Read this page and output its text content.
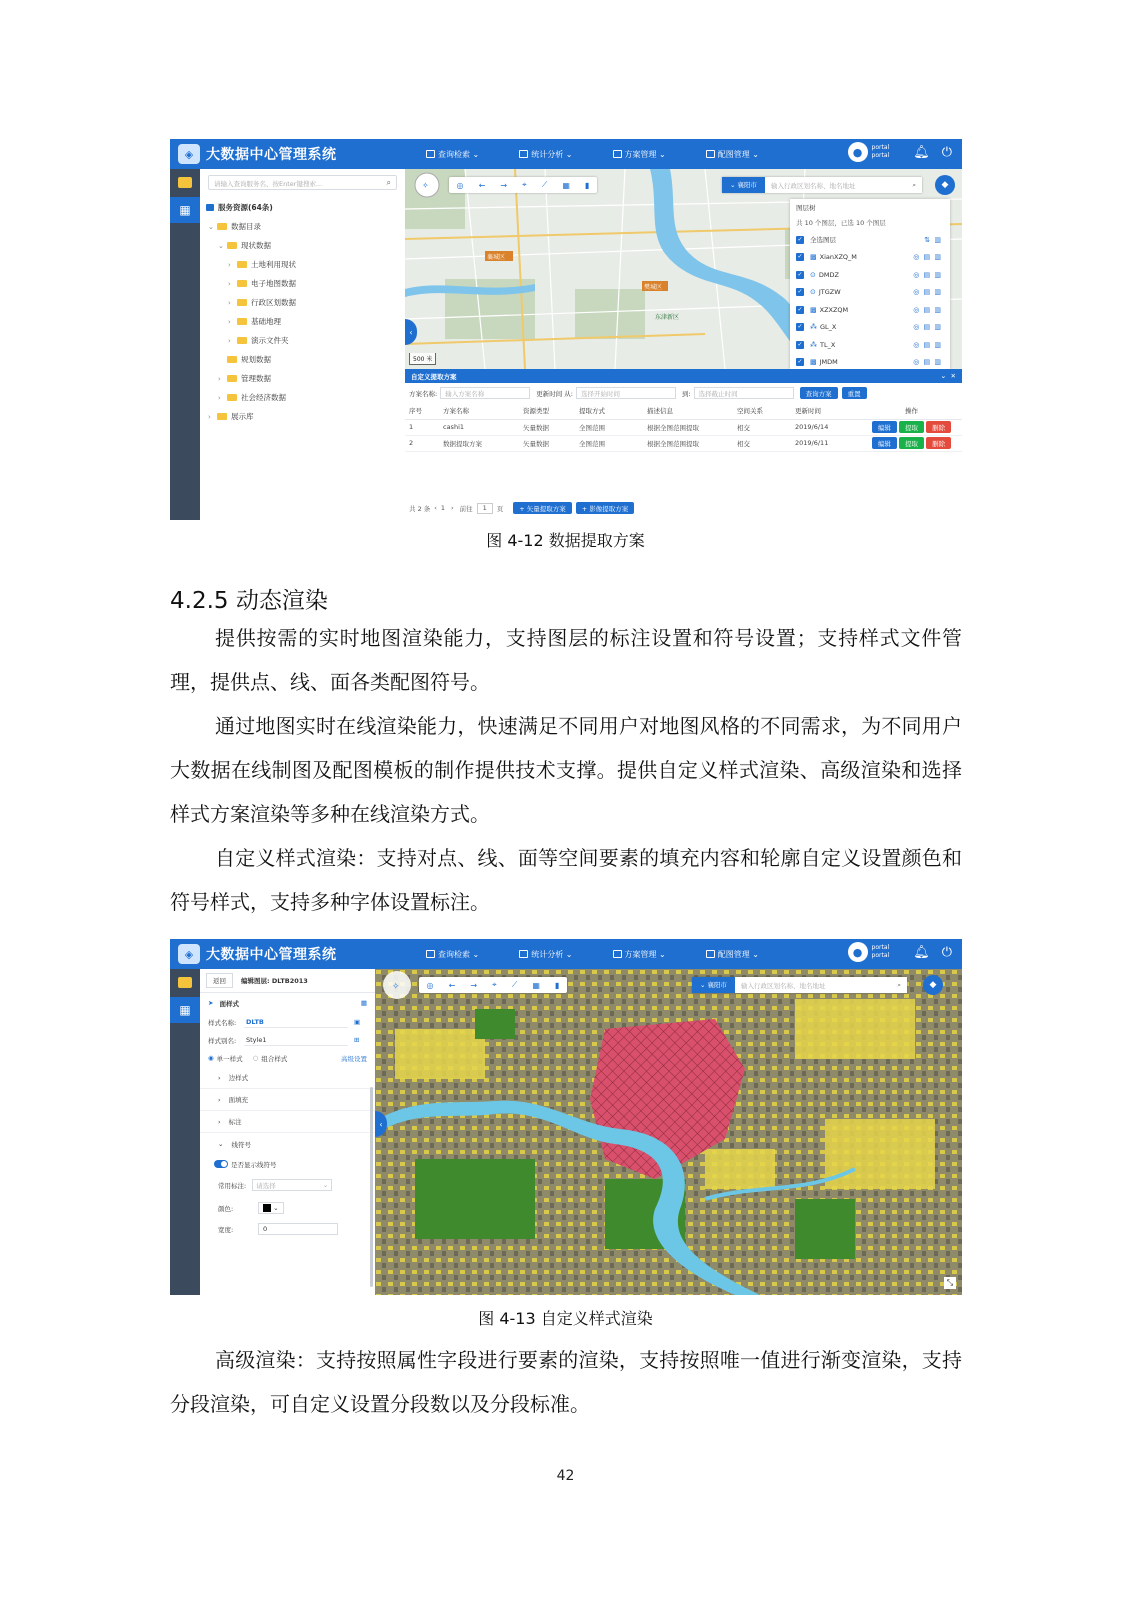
◈ 大数据中心管理系统	查询检索 ⌄	统计分析 ⌄	方案管理 ⌄	配图管理 ⌄	●	portal
portal 🔔︎ ⏻
▦
请输入查询服务名、按Enter键搜索...	⌕
服务资源(64条)
⌄ 数据目录
⌄ 现状数据
›	土地利用现状
›	电子地图数据
›	行政区划数据
›	基础地理
›	演示文件夹
规划数据
›	管理数据
›	社会经济数据
›	展示库
襄城区
樊城区
东津新区
✧	◎ ← → ⌖ ⟋ ▦ ▮	⌄ 襄阳市	输入行政区划名称、地名地址	⌕	◆
‹
500 米
图层树
共 10 个图层，已选 10 个图层
✓ 全选图层	⇅ ▥
✓ ▩ XianXZQ_M	◎ ▤ ▥
✓ ⊙ DMDZ	◎ ▤ ▥
✓ ⊙ JTGZW	◎ ▤ ▥
✓ ▩ XZXZQM	◎ ▤ ▥
✓ ⁂ GL_X	◎ ▤ ▥
✓ ⁂ TL_X	◎ ▤ ▥
✓ ▩ JMDM	◎ ▤ ▥
自定义提取方案	⌄  ✕
方案名称:	输入方案名称	更新时间 从:	选择开始时间	到:	选择截止时间	查询方案	重置
序号	方案名称	资源类型	提取方式	描述信息	空间关系	更新时间	操作
1	cashi1	矢量数据	全图范围	根据全图范围提取	相交	2019/6/14	编辑 提取 删除
2	数据提取方案	矢量数据	全图范围	根据全图范围提取	相交	2019/6/11	编辑 提取 删除
共 2 条 ‹ 1 › 前往	1	页	+ 矢量提取方案	+ 影像提取方案
图 4-12 数据提取方案
4.2.5 动态渲染
提供按需的实时地图渲染能力，支持图层的标注设置和符号设置；支持样式文件管理，提供点、线、面各类配图符号。
通过地图实时在线渲染能力，快速满足不同用户对地图风格的不同需求，为不同用户大数据在线制图及配图模板的制作提供技术支撑。提供自定义样式渲染、高级渲染和选择样式方案渲染等多种在线渲染方式。
自定义样式渲染：支持对点、线、面等空间要素的填充内容和轮廓自定义设置颜色和符号样式，支持多种字体设置标注。
◈ 大数据中心管理系统	查询检索 ⌄	统计分析 ⌄	方案管理 ⌄	配图管理 ⌄	●	portal
portal 🔔︎ ⏻
▦
返回	编辑图层: DLTB2013
➤ 面样式	▦
样式名称:	DLTB	▣
样式别名:	Style1	⊞
◉ 单一样式 ○ 组合样式	高级设置
› 边样式
› 面填充
› 标注
⌄ 线符号
是否显示线符号
常用标注: 请选择	⌄
颜色:	⌄
宽度:	0
✧	◎ ← → ⌖ ⟋ ▦ ▮	⌄ 襄阳市	输入行政区划名称、地名地址	⌕	◆
‹
⤡
图 4-13 自定义样式渲染
高级渲染：支持按照属性字段进行要素的渲染，支持按照唯一值进行渐变渲染，支持分段渲染，可自定义设置分段数以及分段标准。
42
